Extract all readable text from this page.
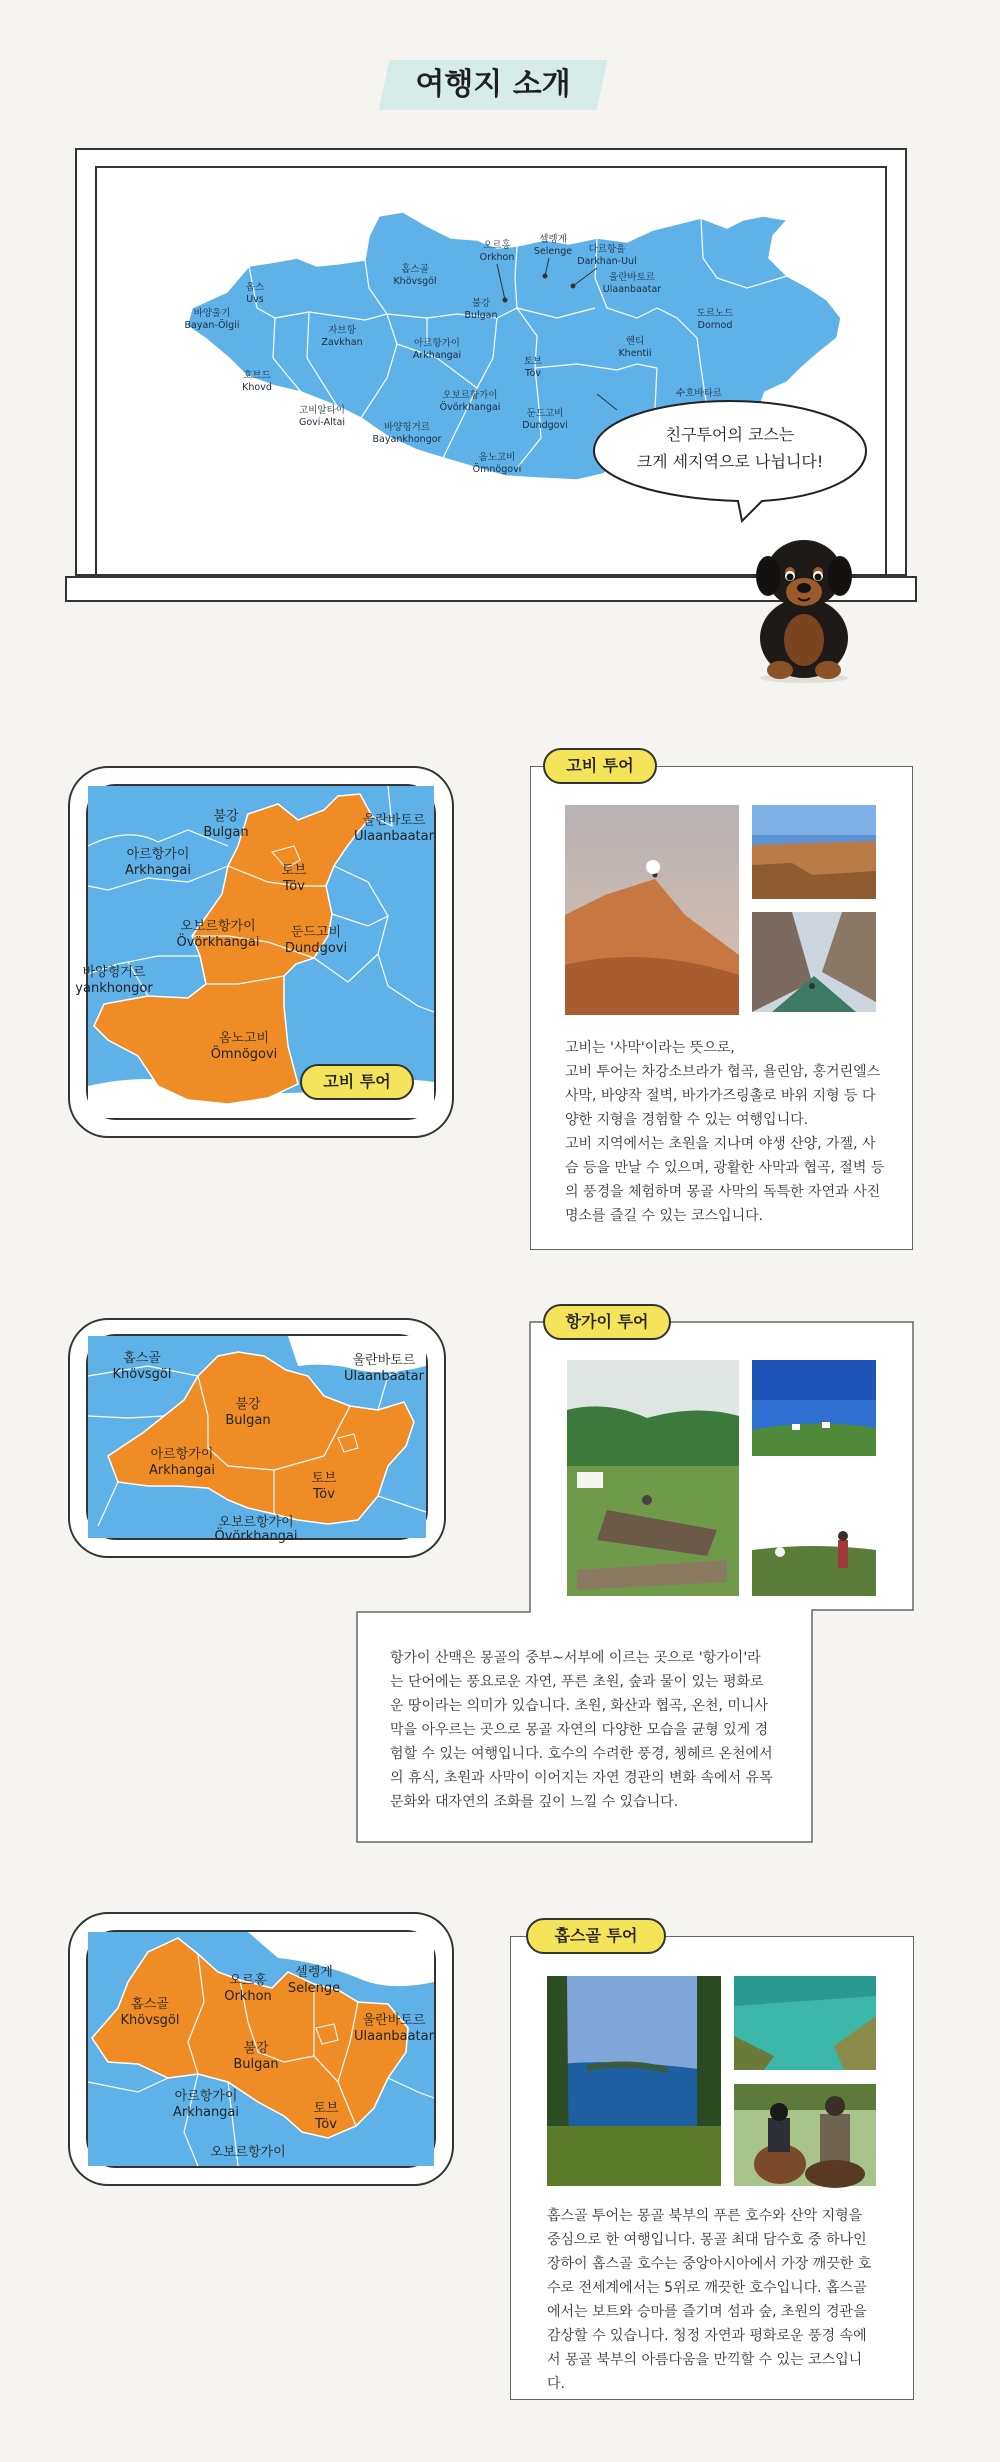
여행지 소개
바양울기
Bayan-Ölgii
옵스
Uvs
홉스골
Khövsgöl
자브항
Zavkhan
오르홍
Orkhon
셀렝게
Selenge 다르항울
Darkhan-Uul
울란바토르
Ulaanbaatar
불강
Bulgan
아르항가이
Arkhangai
호브드
Khovd
도르노드
Dornod
헨티
Khentii
토브
Töv
고비알타이
Govi-Altai
오보르항가이
Övörkhangai
바양헝거르
Bayankhongor
둔드고비
Dundgovi
수흐바타르
옴노고비
Ömnögovi
친구투어의 코스는
크게 세지역으로 나뉩니다!
불강
Bulgan
울란바토르
Ulaanbaatar
아르항가이
Arkhangai	토브
Töv
오보르항가이
Övörkhangai
둔드고비
Dundgovi
바양헝거르
yankhongor
옴노고비
Ömnögovi
고비 투어
고비 투어
고비는 '사막'이라는 뜻으로,
고비 투어는 차강소브라가 협곡, 욜린암, 홍거린엘스 사막, 바양작 절벽, 바가가즈링촐로 바위 지형 등 다양한 지형을 경험할 수 있는 여행입니다.
고비 지역에서는 초원을 지나며 야생 산양, 가젤, 사슴 등을 만날 수 있으며, 광활한 사막과 협곡, 절벽 등의 풍경을 체험하며 몽골 사막의 독특한 자연과 사진 명소를 즐길 수 있는 코스입니다.
홉스골
Khövsgöl
울란바토르
Ulaanbaatar
불강
Bulgan
아르항가이
Arkhangai
토브
Töv
오보르항가이
Övörkhangai
항가이 투어
항가이 산맥은 몽골의 중부~서부에 이르는 곳으로 '항가이'라는 단어에는 풍요로운 자연, 푸른 초원, 숲과 물이 있는 평화로운 땅이라는 의미가 있습니다. 초원, 화산과 협곡, 온천, 미니사막을 아우르는 곳으로 몽골 자연의 다양한 모습을 균형 있게 경험할 수 있는 여행입니다. 호수의 수려한 풍경, 쳉헤르 온천에서의 휴식, 초원과 사막이 이어지는 자연 경관의 변화 속에서 유목 문화와 대자연의 조화를 깊이 느낄 수 있습니다.
오르홍
Orkhon
셀렝게
Selenge
홉스골
Khövsgöl	울란바토르
Ulaanbaatar
불강
Bulgan
아르항가이
Arkhangai	토브
Töv
오보르항가이
홉스골 투어
홉스골 투어는 몽골 북부의 푸른 호수와 산악 지형을 중심으로 한 여행입니다. 몽골 최대 담수호 중 하나인 장하이 홉스골 호수는 중앙아시아에서 가장 깨끗한 호수로 전세계에서는 5위로 깨끗한 호수입니다. 홉스골에서는 보트와 승마를 즐기며 섬과 숲, 초원의 경관을 감상할 수 있습니다. 청정 자연과 평화로운 풍경 속에서 몽골 북부의 아름다움을 만끽할 수 있는 코스입니다.
